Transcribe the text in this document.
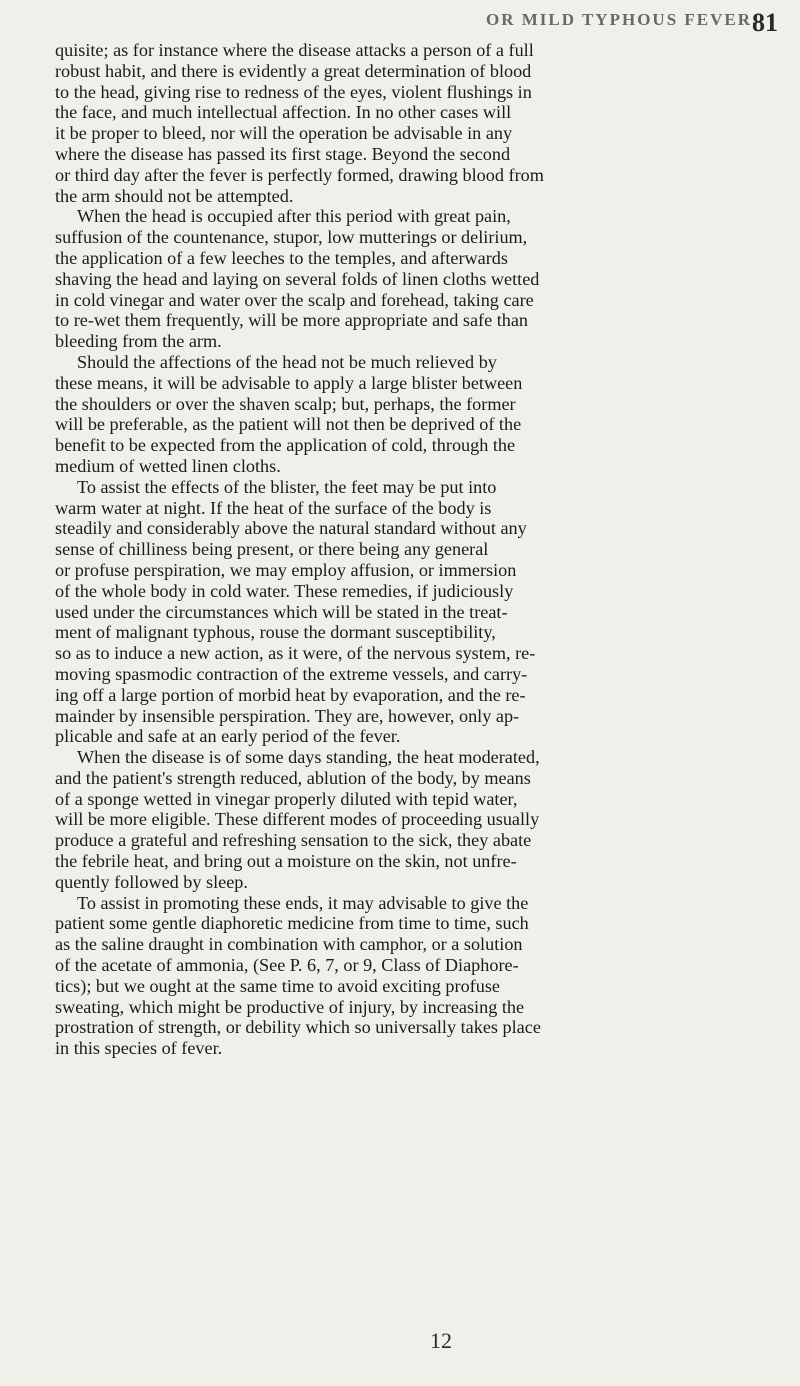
OR MILD TYPHOUS FEVER.
81
quisite; as for instance where the disease attacks a person of a full
robust habit, and there is evidently a great determination of blood
to the head, giving rise to redness of the eyes, violent flushings in
the face, and much intellectual affection. In no other cases will
it be proper to bleed, nor will the operation be advisable in any
where the disease has passed its first stage. Beyond the second
or third day after the fever is perfectly formed, drawing blood from
the arm should not be attempted.
When the head is occupied after this period with great pain,
suffusion of the countenance, stupor, low mutterings or delirium,
the application of a few leeches to the temples, and afterwards
shaving the head and laying on several folds of linen cloths wetted
in cold vinegar and water over the scalp and forehead, taking care
to re-wet them frequently, will be more appropriate and safe than
bleeding from the arm.
Should the affections of the head not be much relieved by
these means, it will be advisable to apply a large blister between
the shoulders or over the shaven scalp; but, perhaps, the former
will be preferable, as the patient will not then be deprived of the
benefit to be expected from the application of cold, through the
medium of wetted linen cloths.
To assist the effects of the blister, the feet may be put into
warm water at night. If the heat of the surface of the body is
steadily and considerably above the natural standard without any
sense of chilliness being present, or there being any general
or profuse perspiration, we may employ affusion, or immersion
of the whole body in cold water. These remedies, if judiciously
used under the circumstances which will be stated in the treat-
ment of malignant typhous, rouse the dormant susceptibility,
so as to induce a new action, as it were, of the nervous system, re-
moving spasmodic contraction of the extreme vessels, and carry-
ing off a large portion of morbid heat by evaporation, and the re-
mainder by insensible perspiration. They are, however, only ap-
plicable and safe at an early period of the fever.
When the disease is of some days standing, the heat moderated,
and the patient's strength reduced, ablution of the body, by means
of a sponge wetted in vinegar properly diluted with tepid water,
will be more eligible. These different modes of proceeding usually
produce a grateful and refreshing sensation to the sick, they abate
the febrile heat, and bring out a moisture on the skin, not unfre-
quently followed by sleep.
To assist in promoting these ends, it may advisable to give the
patient some gentle diaphoretic medicine from time to time, such
as the saline draught in combination with camphor, or a solution
of the acetate of ammonia, (See P. 6, 7, or 9, Class of Diaphore-
tics); but we ought at the same time to avoid exciting profuse
sweating, which might be productive of injury, by increasing the
prostration of strength, or debility which so universally takes place
in this species of fever.
12
